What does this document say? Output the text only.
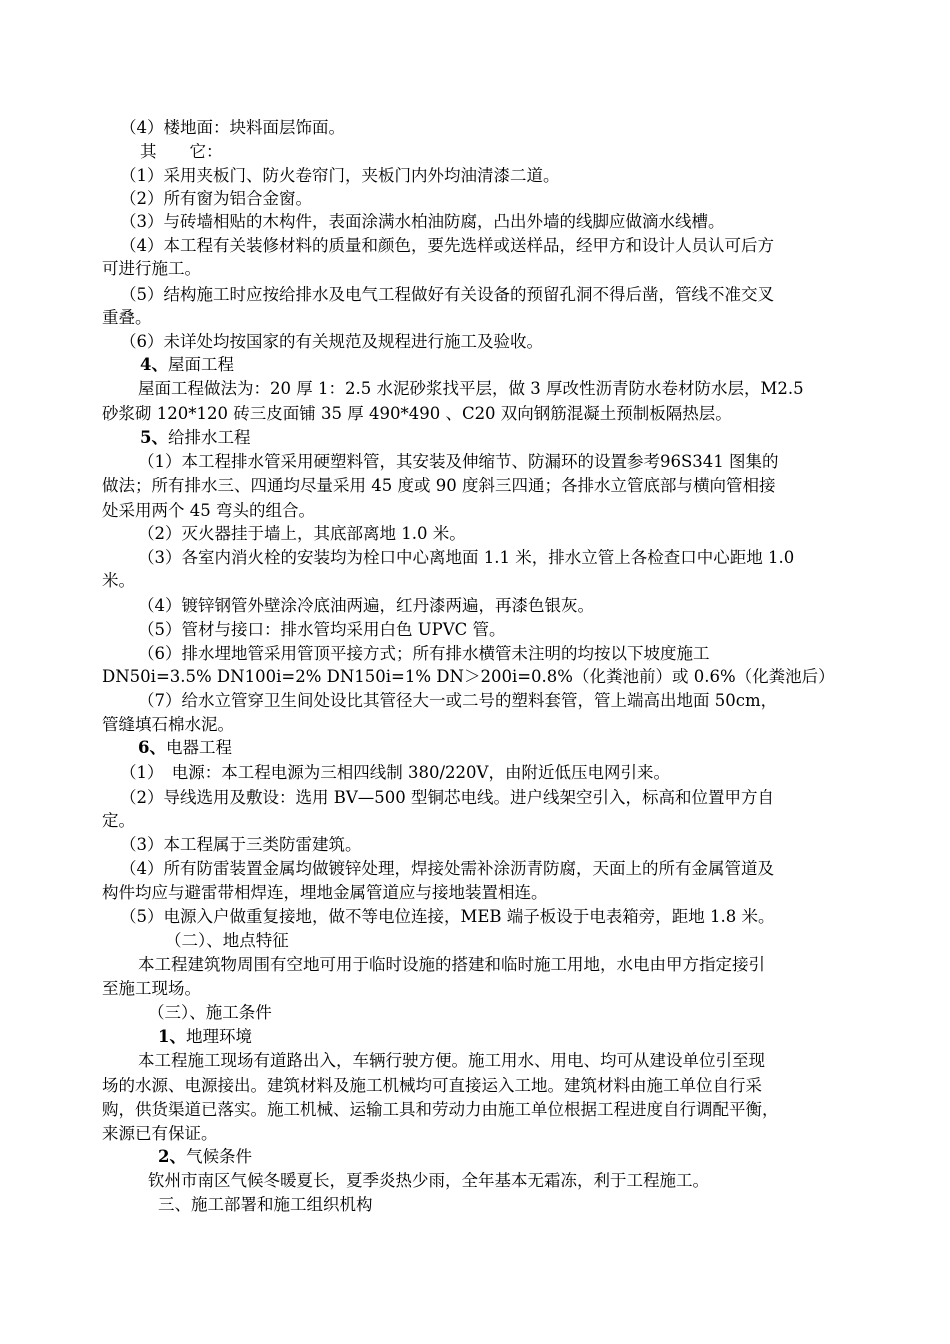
（4）楼地面：块料面层饰面。
其　　它：
（1）采用夹板门、防火卷帘门，夹板门内外均油清漆二道。
（2）所有窗为铝合金窗。
（3）与砖墙相贴的木构件，表面涂满水柏油防腐，凸出外墙的线脚应做滴水线槽。
（4）本工程有关装修材料的质量和颜色，要先选样或送样品，经甲方和设计人员认可后方
可进行施工。
（5）结构施工时应按给排水及电气工程做好有关设备的预留孔洞不得后凿，管线不准交叉
重叠。
（6）未详处均按国家的有关规范及规程进行施工及验收。
4、屋面工程
屋面工程做法为：20 厚 1：2.5 水泥砂浆找平层，做 3 厚改性沥青防水卷材防水层，M2.5
砂浆砌 120*120 砖三皮面铺 35 厚 490*490 、C20 双向钢筋混凝土预制板隔热层。
5、给排水工程
（1）本工程排水管采用硬塑料管，其安装及伸缩节、防漏环的设置参考96S341 图集的
做法；所有排水三、四通均尽量采用 45 度或 90 度斜三四通；各排水立管底部与横向管相接
处采用两个 45 弯头的组合。
（2）灭火器挂于墙上，其底部离地 1.0 米。
（3）各室内消火栓的安装均为栓口中心离地面 1.1 米，排水立管上各检查口中心距地 1.0
米。
（4）镀锌钢管外壁涂冷底油两遍，红丹漆两遍，再漆色银灰。
（5）管材与接口：排水管均采用白色 UPVC 管。
（6）排水埋地管采用管顶平接方式；所有排水横管未注明的均按以下坡度施工
DN50i=3.5% DN100i=2% DN150i=1% DN＞200i=0.8%（化粪池前）或 0.6%（化粪池后）
（7）给水立管穿卫生间处设比其管径大一或二号的塑料套管，管上端高出地面 50cm，
管缝填石棉水泥。
6、电器工程
（1）　电源：本工程电源为三相四线制 380/220V，由附近低压电网引来。
（2）导线选用及敷设：选用 BV—500 型铜芯电线。进户线架空引入，标高和位置甲方自
定。
（3）本工程属于三类防雷建筑。
（4）所有防雷装置金属均做镀锌处理，焊接处需补涂沥青防腐，天面上的所有金属管道及
构件均应与避雷带相焊连，埋地金属管道应与接地装置相连。
（5）电源入户做重复接地，做不等电位连接，MEB 端子板设于电表箱旁，距地 1.8 米。
（二）、地点特征
本工程建筑物周围有空地可用于临时设施的搭建和临时施工用地，水电由甲方指定接引
至施工现场。
（三）、施工条件
1、地理环境
本工程施工现场有道路出入，车辆行驶方便。施工用水、用电、均可从建设单位引至现
场的水源、电源接出。建筑材料及施工机械均可直接运入工地。建筑材料由施工单位自行采
购，供货渠道已落实。施工机械、运输工具和劳动力由施工单位根据工程进度自行调配平衡，
来源已有保证。
2、气候条件
钦州市南区气候冬暖夏长，夏季炎热少雨，全年基本无霜冻，利于工程施工。
三、施工部署和施工组织机构
